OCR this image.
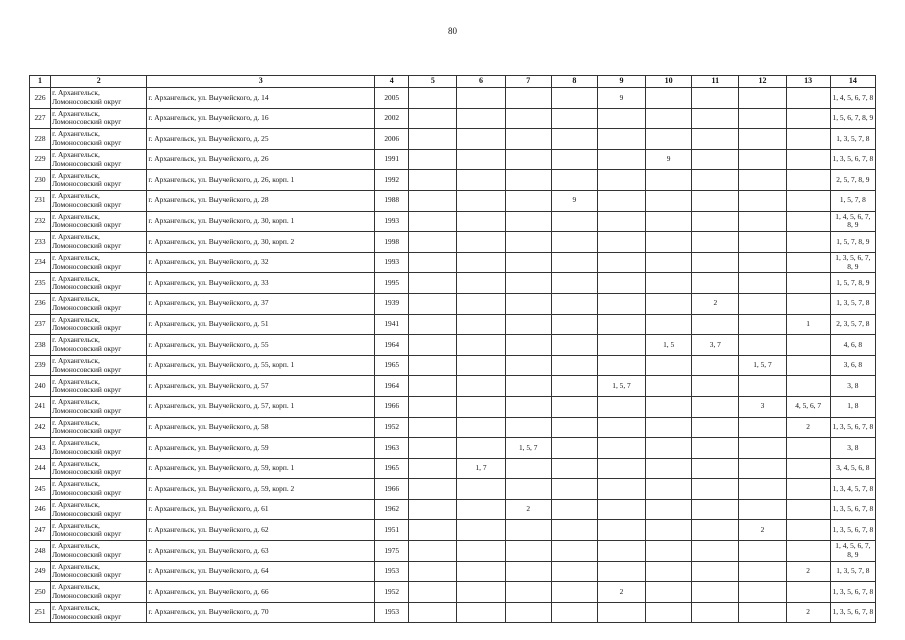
80
1	2	3	4	5	6	7	8	9	10	11	12	13	14
226	г. Архангельск,
Ломоносовский округ	г. Архангельск, ул. Выучейского, д. 14	2005					9					1, 4, 5, 6, 7, 8
227	г. Архангельск,
Ломоносовский округ	г. Архангельск, ул. Выучейского, д. 16	2002										1, 5, 6, 7, 8, 9
228	г. Архангельск,
Ломоносовский округ	г. Архангельск, ул. Выучейского, д. 25	2006										1, 3, 5, 7, 8
229	г. Архангельск,
Ломоносовский округ	г. Архангельск, ул. Выучейского, д. 26	1991						9				1, 3, 5, 6, 7, 8
230	г. Архангельск,
Ломоносовский округ	г. Архангельск, ул. Выучейского, д. 26, корп. 1	1992										2, 5, 7, 8, 9
231	г. Архангельск,
Ломоносовский округ	г. Архангельск, ул. Выучейского, д. 28	1988				9						1, 5, 7, 8
232	г. Архангельск,
Ломоносовский округ	г. Архангельск, ул. Выучейского, д. 30, корп. 1	1993										1, 4, 5, 6, 7, 8, 9
233	г. Архангельск,
Ломоносовский округ	г. Архангельск, ул. Выучейского, д. 30, корп. 2	1998										1, 5, 7, 8, 9
234	г. Архангельск,
Ломоносовский округ	г. Архангельск, ул. Выучейского, д. 32	1993										1, 3, 5, 6, 7, 8, 9
235	г. Архангельск,
Ломоносовский округ	г. Архангельск, ул. Выучейского, д. 33	1995										1, 5, 7, 8, 9
236	г. Архангельск,
Ломоносовский округ	г. Архангельск, ул. Выучейского, д. 37	1939							2			1, 3, 5, 7, 8
237	г. Архангельск,
Ломоносовский округ	г. Архангельск, ул. Выучейского, д. 51	1941									1	2, 3, 5, 7, 8
238	г. Архангельск,
Ломоносовский округ	г. Архангельск, ул. Выучейского, д. 55	1964						1, 5	3, 7			4, 6, 8
239	г. Архангельск,
Ломоносовский округ	г. Архангельск, ул. Выучейского, д. 55, корп. 1	1965								1, 5, 7		3, 6, 8
240	г. Архангельск,
Ломоносовский округ	г. Архангельск, ул. Выучейского, д. 57	1964					1, 5, 7					3, 8
241	г. Архангельск,
Ломоносовский округ	г. Архангельск, ул. Выучейского, д. 57, корп. 1	1966								3	4, 5, 6, 7	1, 8
242	г. Архангельск,
Ломоносовский округ	г. Архангельск, ул. Выучейского, д. 58	1952									2	1, 3, 5, 6, 7, 8
243	г. Архангельск,
Ломоносовский округ	г. Архангельск, ул. Выучейского, д. 59	1963			1, 5, 7							3, 8
244	г. Архангельск,
Ломоносовский округ	г. Архангельск, ул. Выучейского, д. 59, корп. 1	1965		1, 7								3, 4, 5, 6, 8
245	г. Архангельск,
Ломоносовский округ	г. Архангельск, ул. Выучейского, д. 59, корп. 2	1966										1, 3, 4, 5, 7, 8
246	г. Архангельск,
Ломоносовский округ	г. Архангельск, ул. Выучейского, д. 61	1962			2							1, 3, 5, 6, 7, 8
247	г. Архангельск,
Ломоносовский округ	г. Архангельск, ул. Выучейского, д. 62	1951								2		1, 3, 5, 6, 7, 8
248	г. Архангельск,
Ломоносовский округ	г. Архангельск, ул. Выучейского, д. 63	1975										1, 4, 5, 6, 7, 8, 9
249	г. Архангельск,
Ломоносовский округ	г. Архангельск, ул. Выучейского, д. 64	1953									2	1, 3, 5, 7, 8
250	г. Архангельск,
Ломоносовский округ	г. Архангельск, ул. Выучейского, д. 66	1952					2					1, 3, 5, 6, 7, 8
251	г. Архангельск,
Ломоносовский округ	г. Архангельск, ул. Выучейского, д. 70	1953									2	1, 3, 5, 6, 7, 8
